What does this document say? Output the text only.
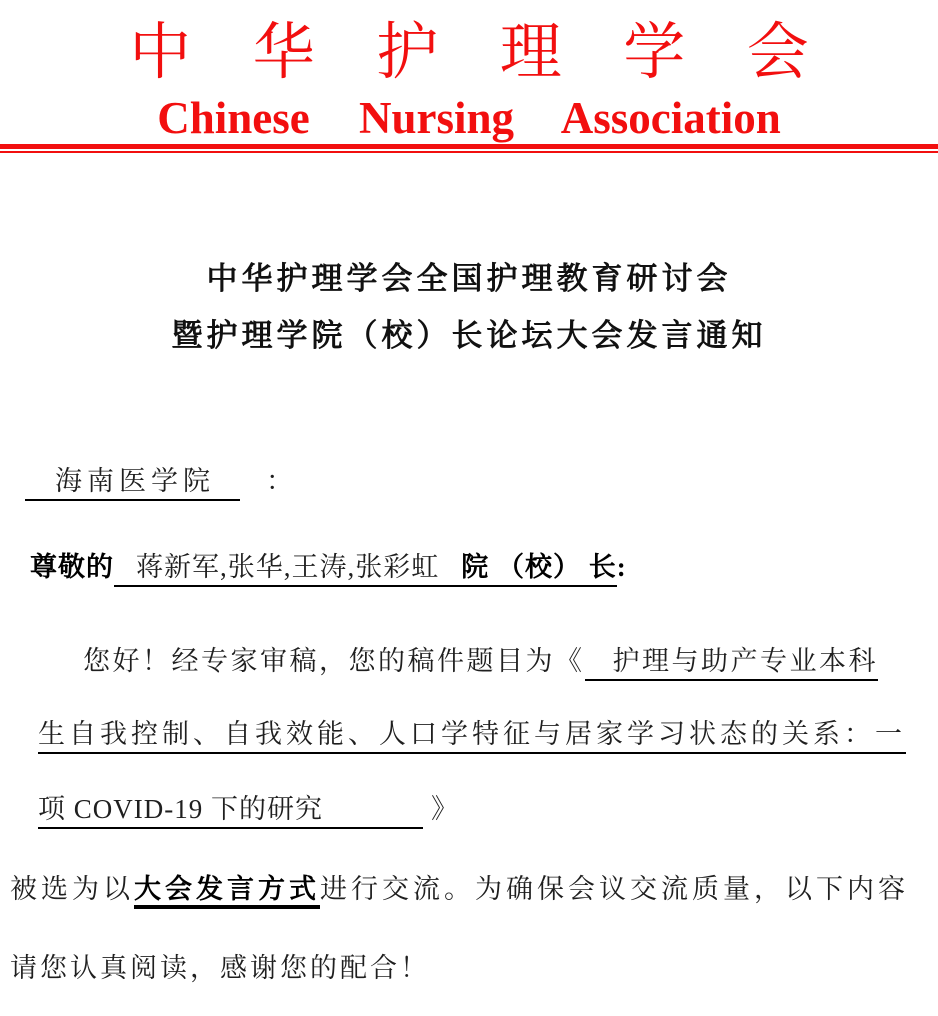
中 华 护 理 学 会
Chinese Nursing Association
中华护理学会全国护理教育研讨会
暨护理学院（校）长论坛大会发言通知
海南医学院 ：
尊敬的 蒋新军,张华,王涛,张彩虹 院 （校） 长:
您好！经专家审稿，您的稿件题目为《 护理与助产专业本科
生自我控制、自我效能、人口学特征与居家学习状态的关系：一
项 COVID-19 下的研究	》
被选为以大会发言方式进行交流。为确保会议交流质量，以下内容
请您认真阅读，感谢您的配合！
